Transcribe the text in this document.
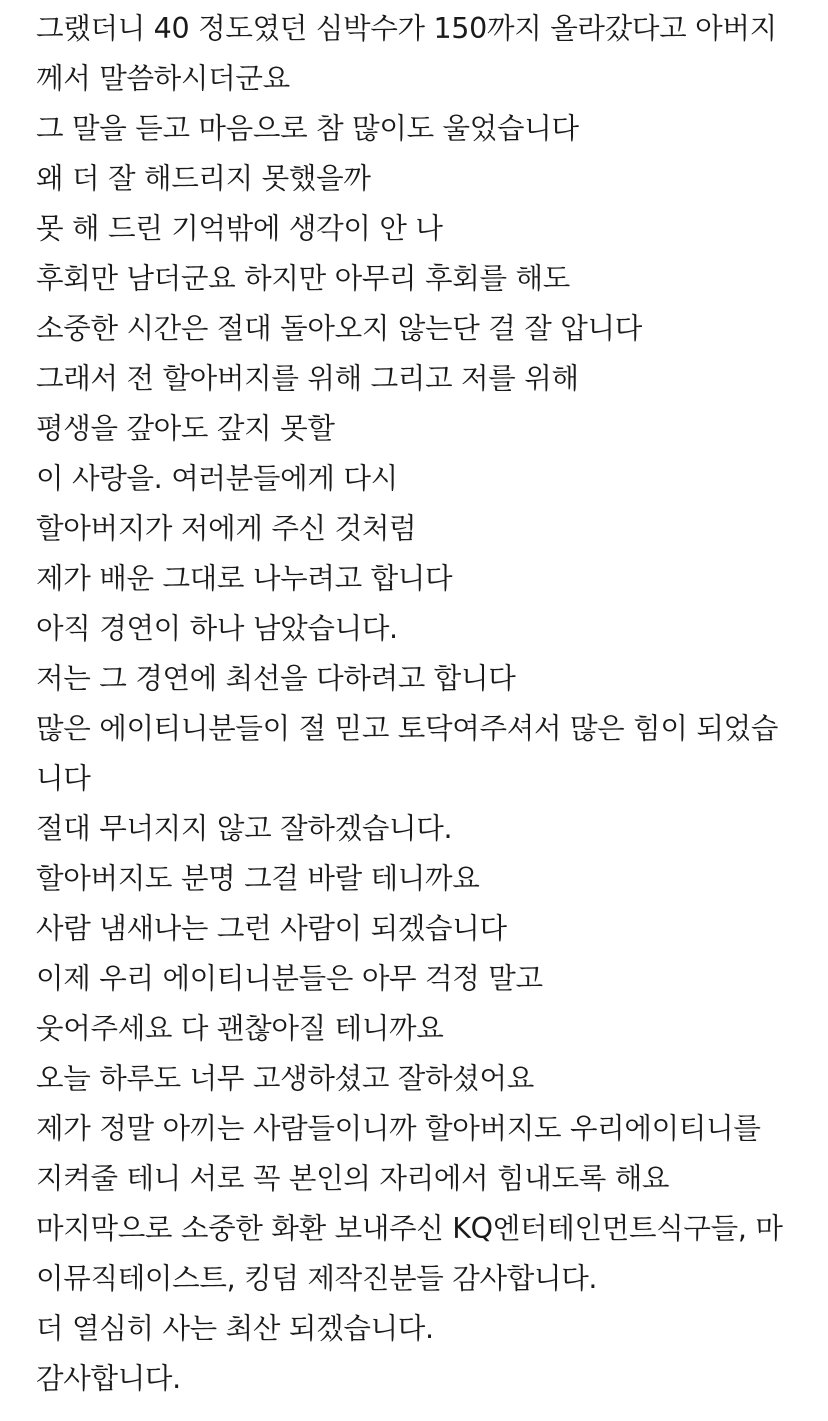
그랬더니 40 정도였던 심박수가 150까지 올라갔다고 아버지
께서 말씀하시더군요
그 말을 듣고 마음으로 참 많이도 울었습니다
왜 더 잘 해드리지 못했을까
못 해 드린 기억밖에 생각이 안 나
후회만 남더군요 하지만 아무리 후회를 해도
소중한 시간은 절대 돌아오지 않는단 걸 잘 압니다
그래서 전 할아버지를 위해 그리고 저를 위해
평생을 갚아도 갚지 못할
이 사랑을. 여러분들에게 다시
할아버지가 저에게 주신 것처럼
제가 배운 그대로 나누려고 합니다
아직 경연이 하나 남았습니다.
저는 그 경연에 최선을 다하려고 합니다
많은 에이티니분들이 절 믿고 토닥여주셔서 많은 힘이 되었습
니다
절대 무너지지 않고 잘하겠습니다.
할아버지도 분명 그걸 바랄 테니까요
사람 냄새나는 그런 사람이 되겠습니다
이제 우리 에이티니분들은 아무 걱정 말고
웃어주세요 다 괜찮아질 테니까요
오늘 하루도 너무 고생하셨고 잘하셨어요
제가 정말 아끼는 사람들이니까 할아버지도 우리에이티니를
지켜줄 테니 서로 꼭 본인의 자리에서 힘내도록 해요
마지막으로 소중한 화환 보내주신 KQ엔터테인먼트식구들, 마
이뮤직테이스트, 킹덤 제작진분들 감사합니다.
더 열심히 사는 최산 되겠습니다.
감사합니다.
